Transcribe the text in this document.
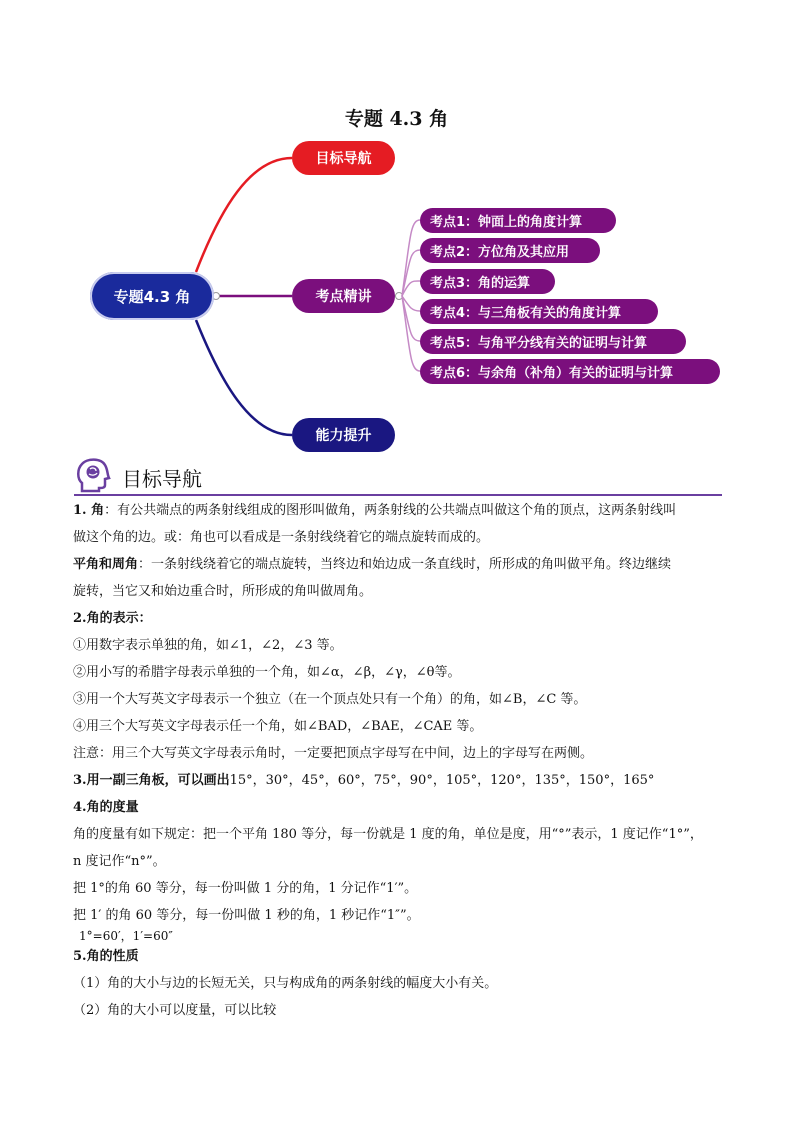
专题 4.3 角
专题4.3 角
目标导航
考点精讲
能力提升
考点1：钟面上的角度计算
考点2：方位角及其应用
考点3：角的运算
考点4：与三角板有关的角度计算
考点5：与角平分线有关的证明与计算
考点6：与余角（补角）有关的证明与计算
目标导航

1. 角：有公共端点的两条射线组成的图形叫做角，两条射线的公共端点叫做这个角的顶点，这两条射线叫

做这个角的边。或：角也可以看成是一条射线绕着它的端点旋转而成的。

平角和周角：一条射线绕着它的端点旋转，当终边和始边成一条直线时，所形成的角叫做平角。终边继续

旋转，当它又和始边重合时，所形成的角叫做周角。

2.角的表示：

①用数字表示单独的角，如∠1，∠2，∠3 等。

②用小写的希腊字母表示单独的一个角，如∠α，∠β，∠γ，∠θ等。

③用一个大写英文字母表示一个独立（在一个顶点处只有一个角）的角，如∠B，∠C 等。

④用三个大写英文字母表示任一个角，如∠BAD，∠BAE，∠CAE 等。

注意：用三个大写英文字母表示角时，一定要把顶点字母写在中间，边上的字母写在两侧。

3.用一副三角板，可以画出15°，30°，45°，60°，75°，90°，105°，120°，135°，150°，165°

4.角的度量

角的度量有如下规定：把一个平角 180 等分，每一份就是 1 度的角，单位是度，用“°”表示，1 度记作“1°”，

n 度记作“n°”。

把 1°的角 60 等分，每一份叫做 1 分的角，1 分记作“1′”。

把 1′ 的角 60 等分，每一份叫做 1 秒的角，1 秒记作“1″”。

1°=60′，1′=60″

5.角的性质

（1）角的大小与边的长短无关，只与构成角的两条射线的幅度大小有关。

（2）角的大小可以度量，可以比较
